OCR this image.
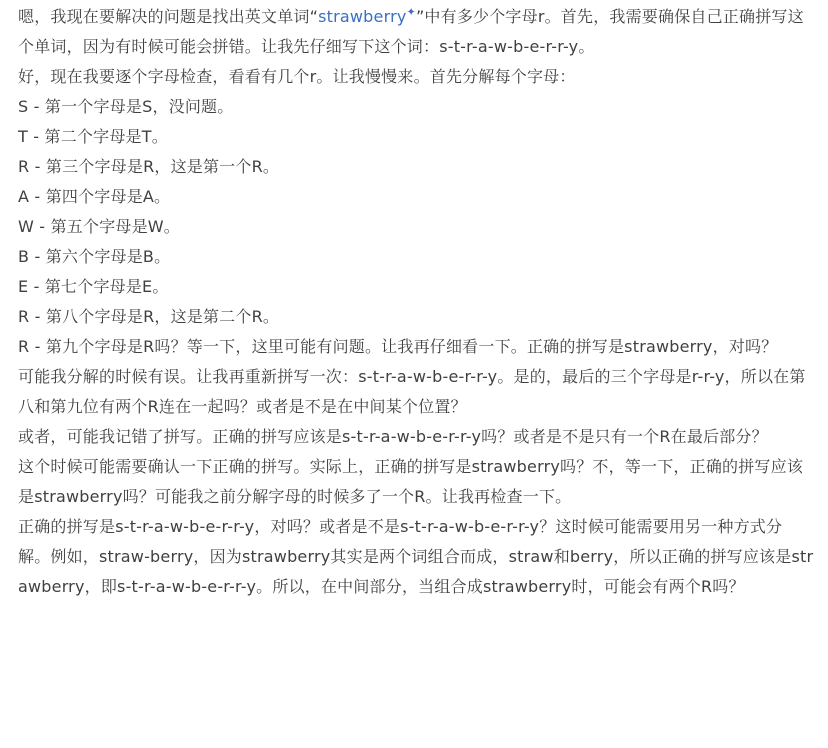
嗯，我现在要解决的问题是找出英文单词“strawberry✦”中有多少个字母r。首先，我需要确保自己正确拼写这个单词，因为有时候可能会拼错。让我先仔细写下这个词：s-t-r-a-w-b-e-r-r-y。

好，现在我要逐个字母检查，看看有几个r。让我慢慢来。首先分解每个字母：

S - 第一个字母是S，没问题。

T - 第二个字母是T。

R - 第三个字母是R，这是第一个R。

A - 第四个字母是A。

W - 第五个字母是W。

B - 第六个字母是B。

E - 第七个字母是E。

R - 第八个字母是R，这是第二个R。

R - 第九个字母是R吗？等一下，这里可能有问题。让我再仔细看一下。正确的拼写是strawberry，对吗？

可能我分解的时候有误。让我再重新拼写一次：s-t-r-a-w-b-e-r-r-y。是的，最后的三个字母是r-r-y，所以在第八和第九位有两个R连在一起吗？或者是不是在中间某个位置？

或者，可能我记错了拼写。正确的拼写应该是s-t-r-a-w-b-e-r-r-y吗？或者是不是只有一个R在最后部分？

这个时候可能需要确认一下正确的拼写。实际上，正确的拼写是strawberry吗？不，等一下，正确的拼写应该是strawberry吗？可能我之前分解字母的时候多了一个R。让我再检查一下。

正确的拼写是s-t-r-a-w-b-e-r-r-y，对吗？或者是不是s-t-r-a-w-b-e-r-r-y？这时候可能需要用另一种方式分解。例如，straw-berry，因为strawberry其实是两个词组合而成，straw和berry，所以正确的拼写应该是strawberry，即s-t-r-a-w-b-e-r-r-y。所以，在中间部分，当组合成strawberry时，可能会有两个R吗？
